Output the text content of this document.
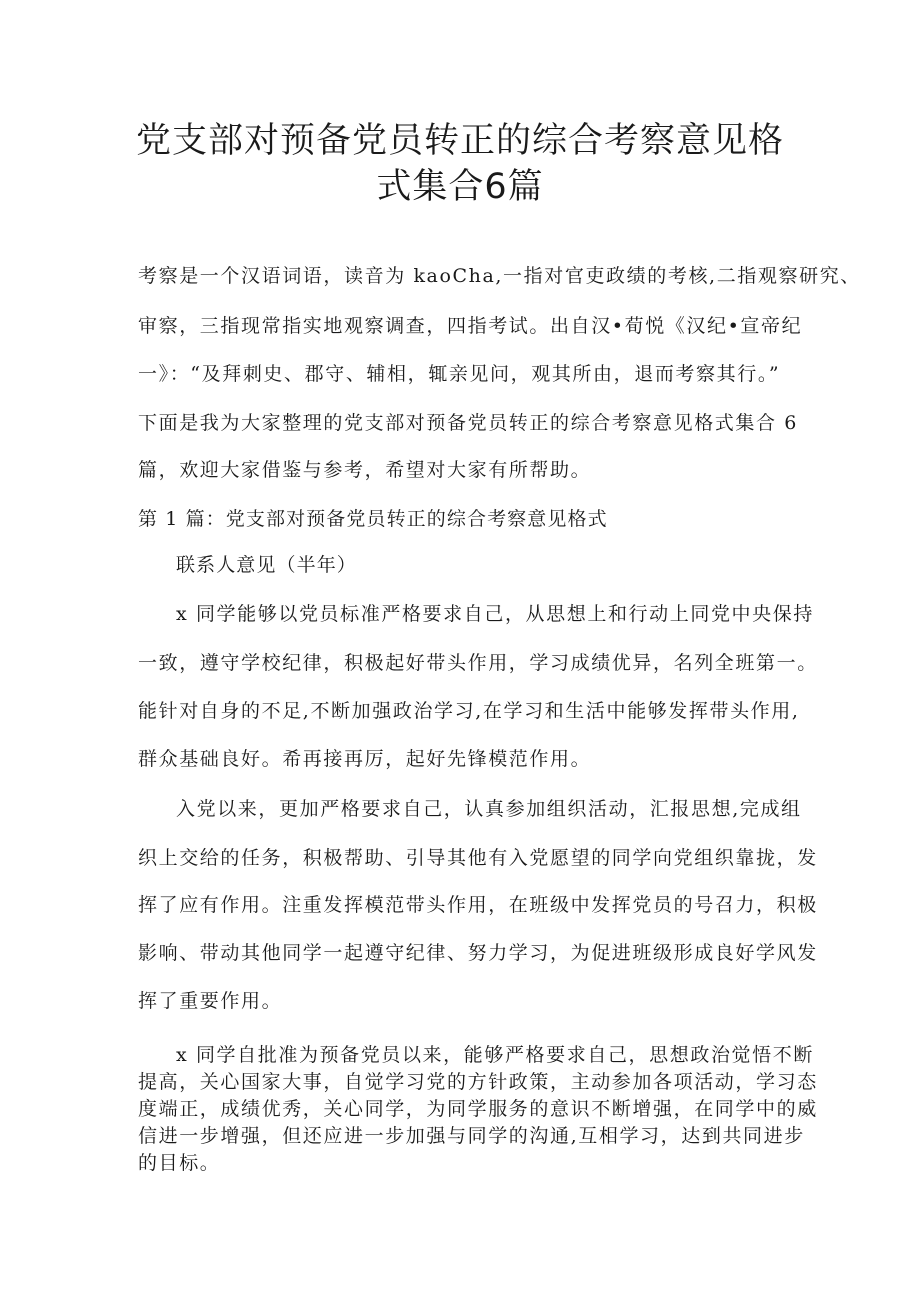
党支部对预备党员转正的综合考察意见格
式集合6篇
考察是一个汉语词语，读音为 kaoCha,一指对官吏政绩的考核,二指观察研究、
审察，三指现常指实地观察调查，四指考试。出自汉•荀悦《汉纪•宣帝纪
一》：“及拜刺史、郡守、辅相，辄亲见问，观其所由，退而考察其行。”
下面是我为大家整理的党支部对预备党员转正的综合考察意见格式集合 6
篇，欢迎大家借鉴与参考，希望对大家有所帮助。
第 1 篇：党支部对预备党员转正的综合考察意见格式
联系人意见（半年）
x 同学能够以党员标准严格要求自己，从思想上和行动上同党中央保持
一致，遵守学校纪律，积极起好带头作用，学习成绩优异，名列全班第一。
能针对自身的不足,不断加强政治学习,在学习和生活中能够发挥带头作用,
群众基础良好。希再接再厉，起好先锋模范作用。
入党以来，更加严格要求自己，认真参加组织活动，汇报思想,完成组
织上交给的任务，积极帮助、引导其他有入党愿望的同学向党组织靠拢，发
挥了应有作用。注重发挥模范带头作用，在班级中发挥党员的号召力，积极
影响、带动其他同学一起遵守纪律、努力学习，为促进班级形成良好学风发
挥了重要作用。
x 同学自批准为预备党员以来，能够严格要求自己，思想政治觉悟不断
提高，关心国家大事，自觉学习党的方针政策，主动参加各项活动，学习态
度端正，成绩优秀，关心同学，为同学服务的意识不断增强，在同学中的威
信进一步增强，但还应进一步加强与同学的沟通,互相学习，达到共同进步
的目标。
